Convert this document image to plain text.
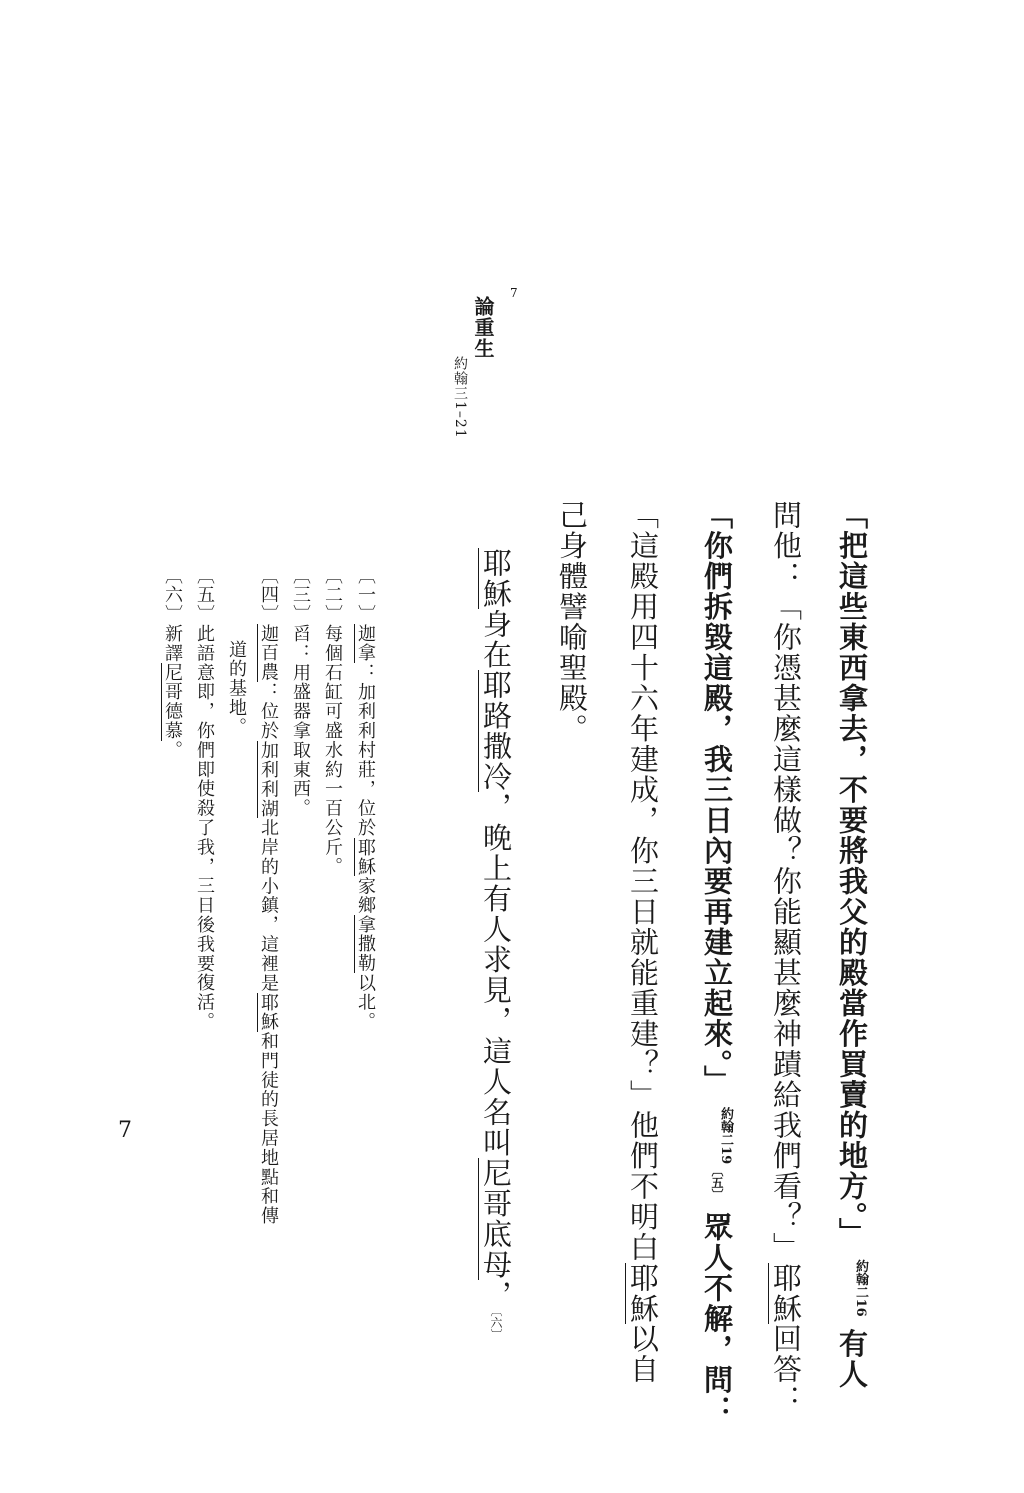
7
論重生
約翰三1–21

「把這些東西拿去，不要將我父的殿當作買賣的地方。」 約翰二16 有人

問他：「你憑甚麼這樣做？你能顯甚麼神蹟給我們看？」耶穌回答：

「你們拆毀這殿，我三日內要再建立起來。」 約翰二19〔五〕 眾人不解，問：

「這殿用四十六年建成，你三日就能重建？」他們不明白耶穌以自

己身體譬喻聖殿。

耶穌身在耶路撒冷，晚上有人求見，這人名叫尼哥底母，〔六〕

〔一〕迦拿：加利利村莊，位於耶穌家鄉拿撒勒以北。

〔二〕每個石缸可盛水約一百公斤。

〔三〕舀：用盛器拿取東西。

〔四〕迦百農：位於加利利湖北岸的小鎮，這裡是耶穌和門徒的長居地點和傳

道的基地。

〔五〕此語意即，你們即使殺了我，三日後我要復活。

〔六〕新譯尼哥德慕。

7
